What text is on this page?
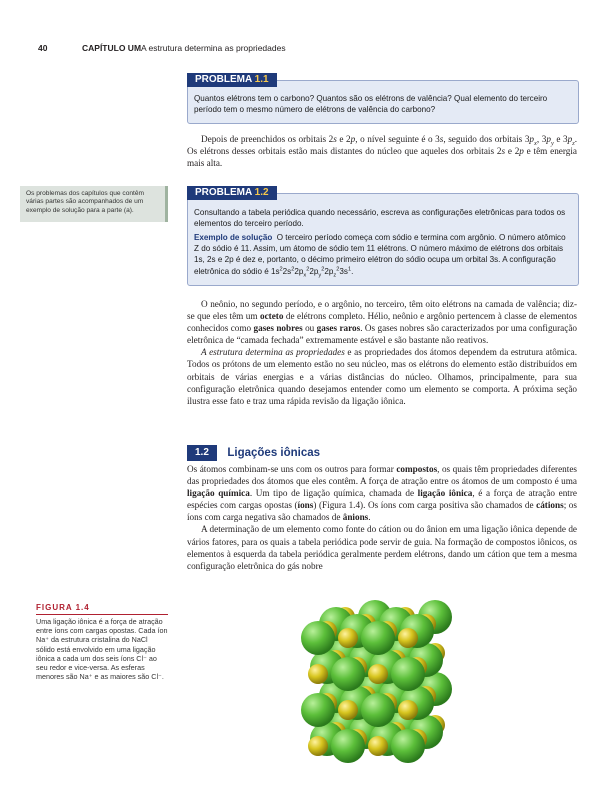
40	CAPÍTULO UM A estrutura determina as propriedades
PROBLEMA 1.1
Quantos elétrons tem o carbono? Quantos são os elétrons de valência? Qual elemento do terceiro período tem o mesmo número de elétrons de valência do carbono?

Depois de preenchidos os orbitais 2s e 2p, o nível seguinte é o 3s, seguido dos orbitais $3p_x$, $3p_y$ e $3p_z$. Os elétrons desses orbitais estão mais distantes do núcleo que aqueles dos orbitais 2s e 2p e têm energia mais alta.

Os problemas dos capítulos que contêm várias partes são acompanhados de um exemplo de solução para a parte (a).
PROBLEMA 1.2
Consultando a tabela periódica quando necessário, escreva as configurações eletrônicas para todos os elementos do terceiro período.
Exemplo de solução O terceiro período começa com sódio e termina com argônio. O número atômico Z do sódio é 11. Assim, um átomo de sódio tem 11 elétrons. O número máximo de elétrons dos orbitais 1s, 2s e 2p é dez e, portanto, o décimo primeiro elétron do sódio ocupa um orbital 3s. A configuração eletrônica do sódio é $1s^22s^22p_x^22p_y^22p_z^23s^1$.

O neônio, no segundo período, e o argônio, no terceiro, têm oito elétrons na camada de valência; diz-se que eles têm um octeto de elétrons completo. Hélio, neônio e argônio pertencem à classe de elementos conhecidos como gases nobres ou gases raros. Os gases nobres são caracterizados por uma configuração eletrônica de “camada fechada” extremamente estável e são bastante não reativos.

A estrutura determina as propriedades e as propriedades dos átomos dependem da estrutura atômica. Todos os prótons de um elemento estão no seu núcleo, mas os elétrons do elemento estão distribuídos em orbitais de várias energias e a várias distâncias do núcleo. Olhamos, principalmente, para sua configuração eletrônica quando desejamos entender como um elemento se comporta. A próxima seção ilustra esse fato e traz uma rápida revisão da ligação iônica.

1.2 Ligações iônicas

Os átomos combinam-se uns com os outros para formar compostos, os quais têm propriedades diferentes das propriedades dos átomos que eles contêm. A força de atração entre os átomos de um composto é uma ligação química. Um tipo de ligação química, chamada de ligação iônica, é a força de atração entre espécies com cargas opostas (íons) (Figura 1.4). Os íons com carga positiva são chamados de cátions; os íons com carga negativa são chamados de ânions.

A determinação de um elemento como fonte do cátion ou do ânion em uma ligação iônica depende de vários fatores, para os quais a tabela periódica pode servir de guia. Na formação de compostos iônicos, os elementos à esquerda da tabela periódica geralmente perdem elétrons, dando um cátion que tem a mesma configuração eletrônica do gás nobre

FIGURA 1.4
Uma ligação iônica é a força de atração entre íons com cargas opostas. Cada íon Na⁺ da estrutura cristalina do NaCl sólido está envolvido em uma ligação iônica a cada um dos seis íons Cl⁻ ao seu redor e vice-versa. As esferas menores são Na⁺ e as maiores são Cl⁻.
